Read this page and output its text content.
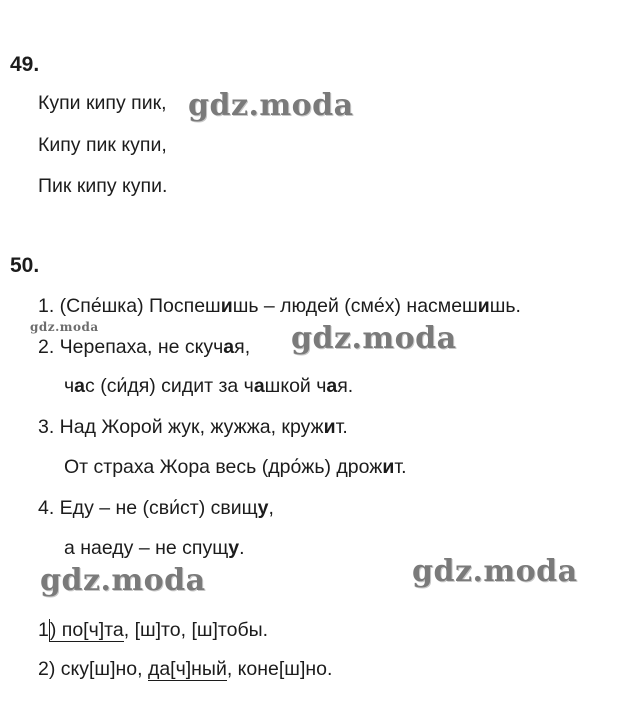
49.
Купи кипу пик,
Кипу пик купи,
Пик кипу купи.
50.
1. (Спе́шка) Поспешишь – людей (сме́х) насмешишь.
2. Черепаха, не скучая,
час (си́дя) сидит за чашкой чая.
3. Над Жорой жук, жужжа, кружит.
От страха Жора весь (дро́жь) дрожит.
4. Еду – не (сви́ст) свищу,
а наеду – не спущу.
1) по[ч]та, [ш]то, [ш]тобы.
2) ску[ш]но, да[ч]ный, коне[ш]но.
gdz.moda
gdz.moda	gdz.moda
gdz.moda	gdz.moda
